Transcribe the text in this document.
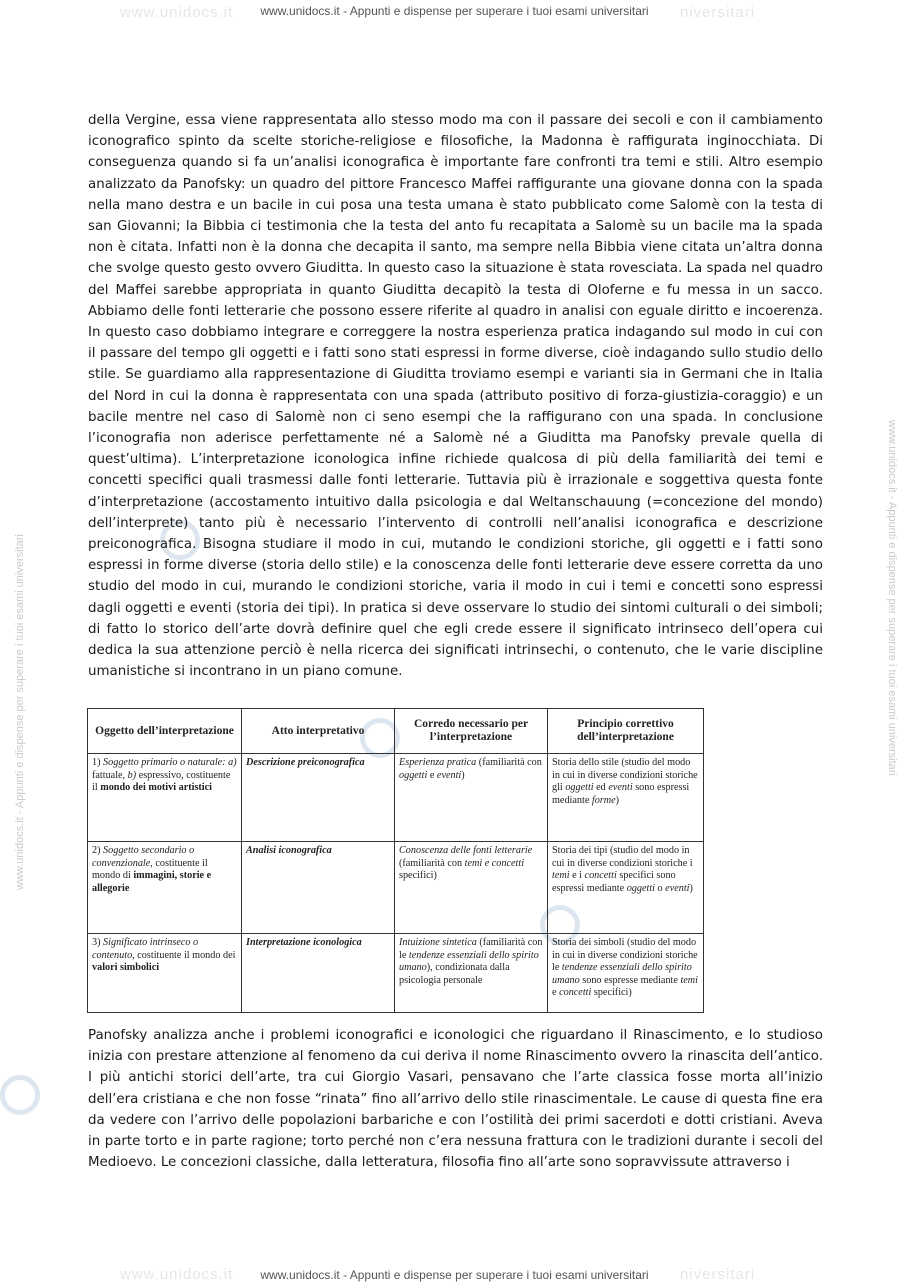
www.unidocs.it	niversitari
www.unidocs.it - Appunti e dispense per superare i tuoi esami universitari
www.unidocs.it - Appunti e dispense per superare i tuoi esami universitari	www.unidocs.it - Appunti e dispense per superare i tuoi esami universitari
della Vergine, essa viene rappresentata allo stesso modo ma con il passare dei secoli e con il cambiamento iconografico spinto da scelte storiche-religiose e filosofiche, la Madonna è raffigurata inginocchiata. Di conseguenza quando si fa un’analisi iconografica è importante fare confronti tra temi e stili. Altro esempio analizzato da Panofsky: un quadro del pittore Francesco Maffei raffigurante una giovane donna con la spada nella mano destra e un bacile in cui posa una testa umana è stato pubblicato come Salomè con la testa di san Giovanni; la Bibbia ci testimonia che la testa del anto fu recapitata a Salomè su un bacile ma la spada non è citata. Infatti non è la donna che decapita il santo, ma sempre nella Bibbia viene citata un’altra donna che svolge questo gesto ovvero Giuditta. In questo caso la situazione è stata rovesciata. La spada nel quadro del Maffei sarebbe appropriata in quanto Giuditta decapitò la testa di Oloferne e fu messa in un sacco. Abbiamo delle fonti letterarie che possono essere riferite al quadro in analisi con eguale diritto e incoerenza. In questo caso dobbiamo integrare e correggere la nostra esperienza pratica indagando sul modo in cui con il passare del tempo gli oggetti e i fatti sono stati espressi in forme diverse, cioè indagando sullo studio dello stile. Se guardiamo alla rappresentazione di Giuditta troviamo esempi e varianti sia in Germani che in Italia del Nord in cui la donna è rappresentata con una spada (attributo positivo di forza-giustizia-coraggio) e un bacile mentre nel caso di Salomè non ci seno esempi che la raffigurano con una spada. In conclusione l’iconografia non aderisce perfettamente né a Salomè né a Giuditta ma Panofsky prevale quella di quest’ultima). L’interpretazione iconologica infine richiede qualcosa di più della familiarità dei temi e concetti specifici quali trasmessi dalle fonti letterarie. Tuttavia più è irrazionale e soggettiva questa fonte d’interpretazione (accostamento intuitivo dalla psicologia e dal Weltanschauung (=concezione del mondo) dell’interprete) tanto più è necessario l’intervento di controlli nell’analisi iconografica e descrizione preiconografica. Bisogna studiare il modo in cui, mutando le condizioni storiche, gli oggetti e i fatti sono espressi in forme diverse (storia dello stile) e la conoscenza delle fonti letterarie deve essere corretta da uno studio del modo in cui, murando le condizioni storiche, varia il modo in cui i temi e concetti sono espressi dagli oggetti e eventi (storia dei tipi). In pratica si deve osservare lo studio dei sintomi culturali o dei simboli; di fatto lo storico dell’arte dovrà definire quel che egli crede essere il significato intrinseco dell’opera cui dedica la sua attenzione perciò è nella ricerca dei significati intrinsechi, o contenuto, che le varie discipline umanistiche si incontrano in un piano comune.
Oggetto dell’interpretazione	Atto interpretativo	Corredo necessario per l’interpretazione	Principio correttivo dell’interpretazione
1) Soggetto primario o naturale: a) fattuale, b) espressivo, costituente il mondo dei motivi artistici	Descrizione preiconografica	Esperienza pratica (familiarità con oggetti e eventi)	Storia dello stile (studio del modo in cui in diverse condizioni storiche gli oggetti ed eventi sono espressi mediante forme)
2) Soggetto secondario o convenzionale, costituente il mondo di immagini, storie e allegorie	Analisi iconografica	Conoscenza delle fonti letterarie (familiarità con temi e concetti specifici)	Storia dei tipi (studio del modo in cui in diverse condizioni storiche i temi e i concetti specifici sono espressi mediante oggetti o eventi)
3) Significato intrinseco o contenuto, costituente il mondo dei valori simbolici	Interpretazione iconologica	Intuizione sintetica (familiarità con le tendenze essenziali dello spirito umano), condizionata dalla psicologia personale	Storia dei simboli (studio del modo in cui in diverse condizioni storiche le tendenze essenziali dello spirito umano sono espresse mediante temi e concetti specifici)
Panofsky analizza anche i problemi iconografici e iconologici che riguardano il Rinascimento, e lo studioso inizia con prestare attenzione al fenomeno da cui deriva il nome Rinascimento ovvero la rinascita dell’antico. I più antichi storici dell’arte, tra cui Giorgio Vasari, pensavano che l’arte classica fosse morta all’inizio dell’era cristiana e che non fosse “rinata” fino all’arrivo dello stile rinascimentale. Le cause di questa fine era da vedere con l’arrivo delle popolazioni barbariche e con l’ostilità dei primi sacerdoti e dotti cristiani. Aveva in parte torto e in parte ragione; torto perché non c’era nessuna frattura con le tradizioni durante i secoli del Medioevo. Le concezioni classiche, dalla letteratura, filosofia fino all’arte sono sopravvissute attraverso i
www.unidocs.it	niversitari
www.unidocs.it - Appunti e dispense per superare i tuoi esami universitari
